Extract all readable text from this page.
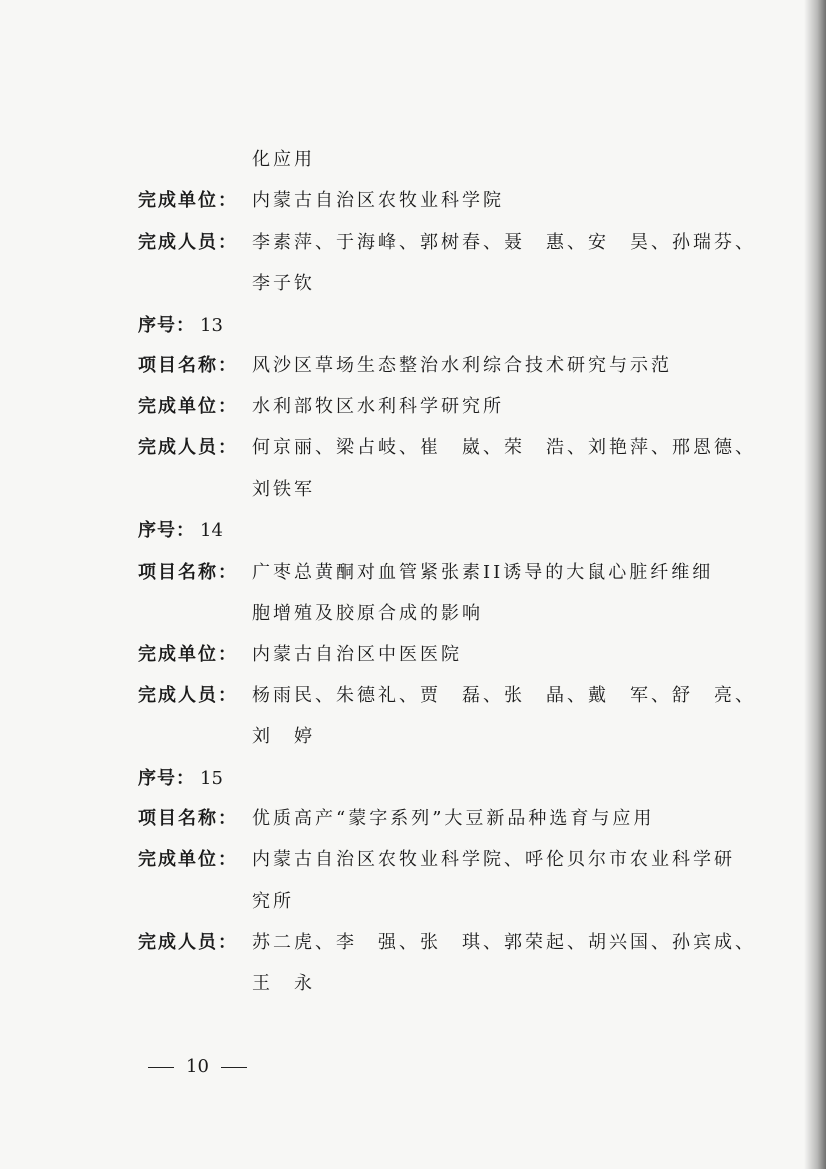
化应用
完成单位： 内蒙古自治区农牧业科学院
完成人员： 李素萍、于海峰、郭树春、聂　惠、安　昊、孙瑞芬、
李子钦
序号： 13
项目名称： 风沙区草场生态整治水利综合技术研究与示范
完成单位： 水利部牧区水利科学研究所
完成人员： 何京丽、梁占岐、崔　崴、荣　浩、刘艳萍、邢恩德、
刘铁军
序号： 14
项目名称： 广枣总黄酮对血管紧张素II诱导的大鼠心脏纤维细
胞增殖及胶原合成的影响
完成单位： 内蒙古自治区中医医院
完成人员： 杨雨民、朱德礼、贾　磊、张　晶、戴　军、舒　亮、
刘　婷
序号： 15
项目名称： 优质高产“蒙字系列”大豆新品种选育与应用
完成单位： 内蒙古自治区农牧业科学院、呼伦贝尔市农业科学研
究所
完成人员： 苏二虎、李　强、张　琪、郭荣起、胡兴国、孙宾成、
王　永
10
